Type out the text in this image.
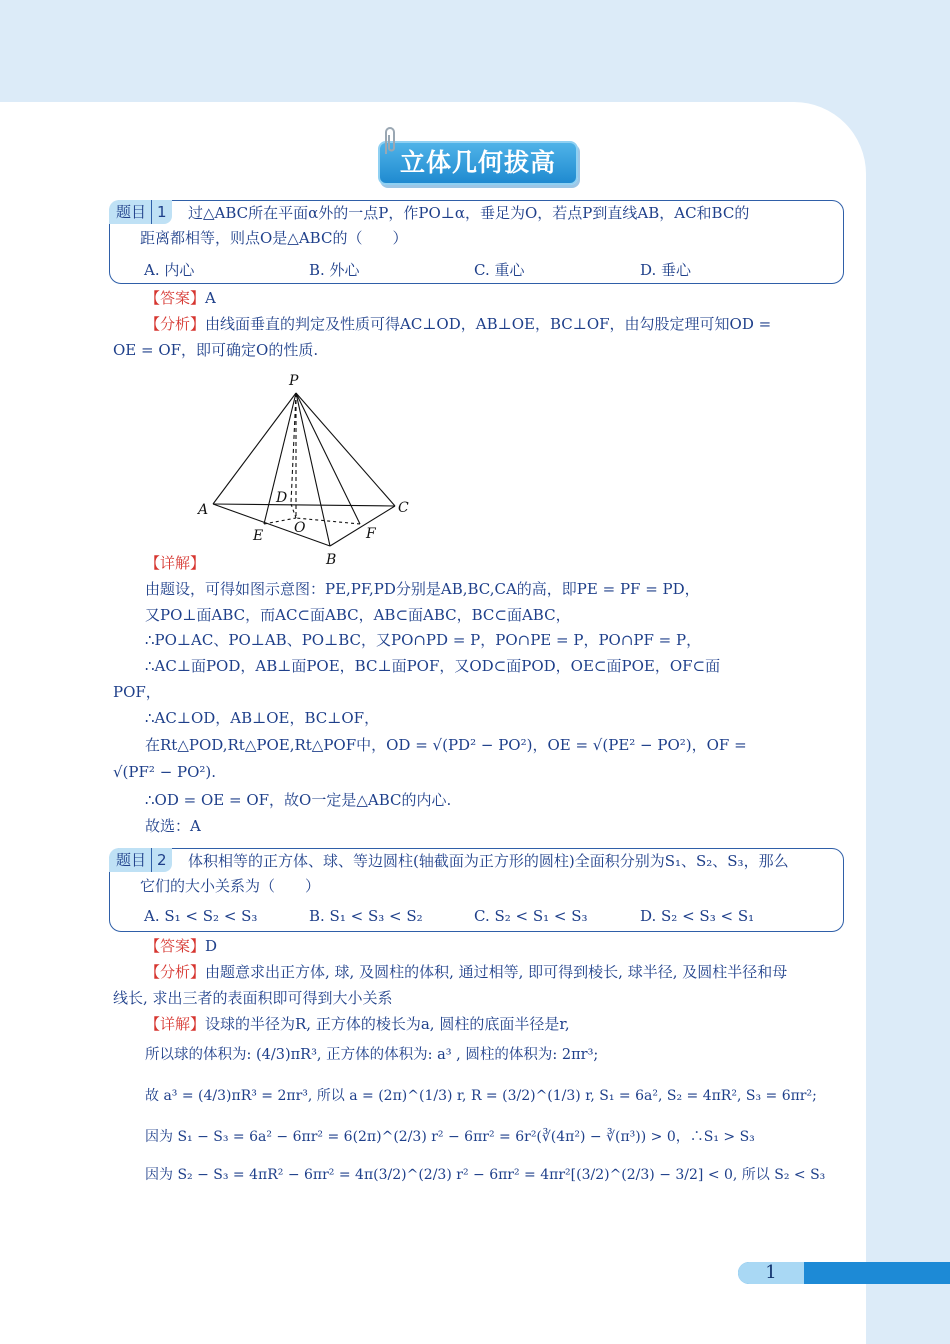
立体几何拔高
题目 1	过△ABC所在平面α外的一点P，作PO⊥α，垂足为O，若点P到直线AB，AC和BC的
距离都相等，则点O是△ABC的（　　）
A. 内心	B. 外心	C. 重心	D. 垂心
【答案】A
【分析】由线面垂直的判定及性质可得AC⊥OD，AB⊥OE，BC⊥OF，由勾股定理可知OD =
OE = OF，即可确定O的性质.
P
A
B
C
D
E	F
O
【详解】
由题设，可得如图示意图：PE,PF,PD分别是AB,BC,CA的高，即PE = PF = PD，
又PO⊥面ABC，而AC⊂面ABC，AB⊂面ABC，BC⊂面ABC，
∴PO⊥AC、PO⊥AB、PO⊥BC，又PO∩PD = P，PO∩PE = P，PO∩PF = P，
∴AC⊥面POD，AB⊥面POE，BC⊥面POF，又OD⊂面POD，OE⊂面POE，OF⊂面
POF，
∴AC⊥OD，AB⊥OE，BC⊥OF，
在Rt△POD,Rt△POE,Rt△POF中，OD = √(PD² − PO²)，OE = √(PE² − PO²)，OF =
√(PF² − PO²).
∴OD = OE = OF，故O一定是△ABC的内心.
故选：A
题目 2	体积相等的正方体、球、等边圆柱(轴截面为正方形的圆柱)全面积分别为S₁、S₂、S₃，那么
它们的大小关系为（　　）
A. S₁ < S₂ < S₃	B. S₁ < S₃ < S₂	C. S₂ < S₁ < S₃	D. S₂ < S₃ < S₁
【答案】D
【分析】由题意求出正方体, 球, 及圆柱的体积, 通过相等, 即可得到棱长, 球半径, 及圆柱半径和母
线长, 求出三者的表面积即可得到大小关系
【详解】设球的半径为R, 正方体的棱长为a, 圆柱的底面半径是r,
所以球的体积为: (4/3)πR³, 正方体的体积为: a³ , 圆柱的体积为: 2πr³;
故 a³ = (4/3)πR³ = 2πr³, 所以 a = (2π)^(1/3) r, R = (3/2)^(1/3) r, S₁ = 6a², S₂ = 4πR², S₃ = 6πr²;
因为 S₁ − S₃ = 6a² − 6πr² = 6(2π)^(2/3) r² − 6πr² = 6r²(∛(4π²) − ∛(π³)) > 0，∴S₁ > S₃
因为 S₂ − S₃ = 4πR² − 6πr² = 4π(3/2)^(2/3) r² − 6πr² = 4πr²[(3/2)^(2/3) − 3/2] < 0, 所以 S₂ < S₃
1
